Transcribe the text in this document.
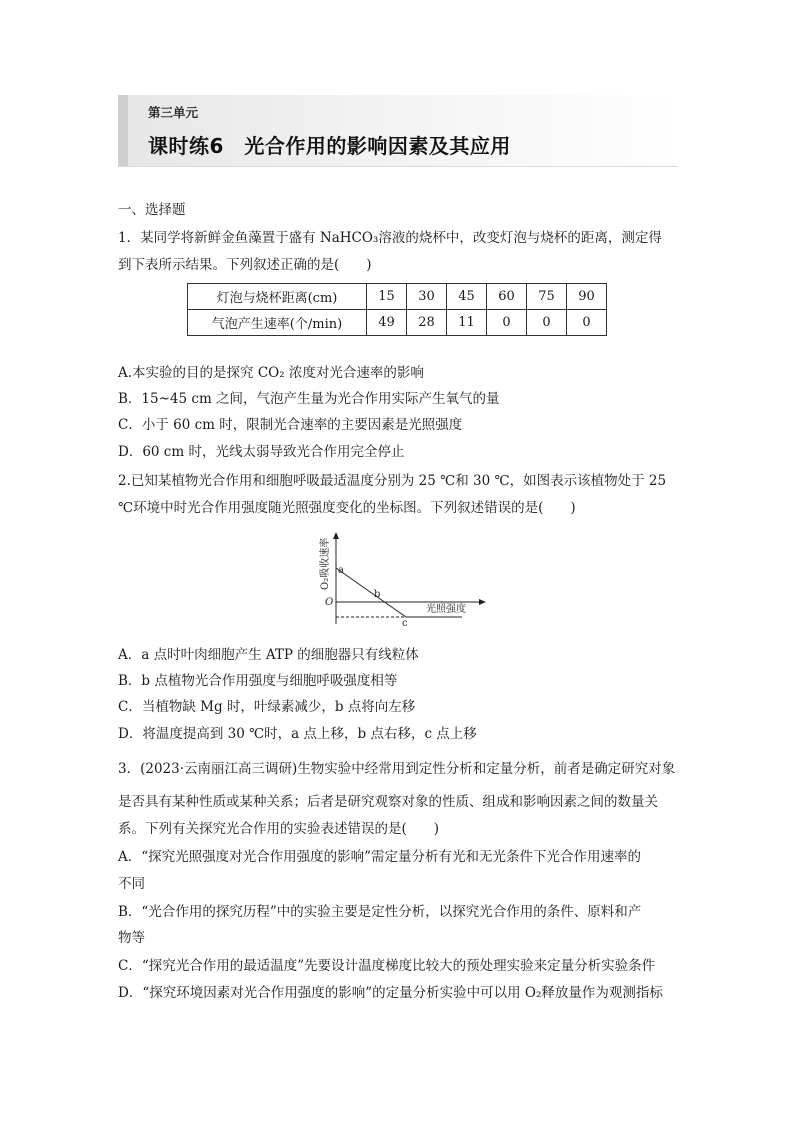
第三单元
课时练6　光合作用的影响因素及其应用
一、选择题
1．某同学将新鲜金鱼藻置于盛有 NaHCO₃溶液的烧杯中，改变灯泡与烧杯的距离，测定得
到下表所示结果。下列叙述正确的是(　　)
灯泡与烧杯距离(cm)	15	30	45	60	75	90
气泡产生速率(个/min)	49	28	11	0	0	0
A.本实验的目的是探究 CO₂ 浓度对光合速率的影响
B．15~45 cm 之间，气泡产生量为光合作用实际产生氧气的量
C．小于 60 cm 时，限制光合速率的主要因素是光照强度
D．60 cm 时，光线太弱导致光合作用完全停止
2.已知某植物光合作用和细胞呼吸最适温度分别为 25 ℃和 30 ℃，如图表示该植物处于 25
℃环境中时光合作用强度随光照强度变化的坐标图。下列叙述错误的是(　　)
O₂吸收速率
光照强度
O
a
b
c
A．a 点时叶肉细胞产生 ATP 的细胞器只有线粒体
B．b 点植物光合作用强度与细胞呼吸强度相等
C．当植物缺 Mg 时，叶绿素减少，b 点将向左移
D．将温度提高到 30 ℃时，a 点上移，b 点右移，c 点上移
3．(2023·云南丽江高三调研)生物实验中经常用到定性分析和定量分析，前者是确定研究对象
是否具有某种性质或某种关系；后者是研究观察对象的性质、组成和影响因素之间的数量关
系。下列有关探究光合作用的实验表述错误的是(　　)
A．“探究光照强度对光合作用强度的影响”需定量分析有光和无光条件下光合作用速率的
不同
B．“光合作用的探究历程”中的实验主要是定性分析，以探究光合作用的条件、原料和产
物等
C．“探究光合作用的最适温度”先要设计温度梯度比较大的预处理实验来定量分析实验条件
D．“探究环境因素对光合作用强度的影响”的定量分析实验中可以用 O₂释放量作为观测指标
